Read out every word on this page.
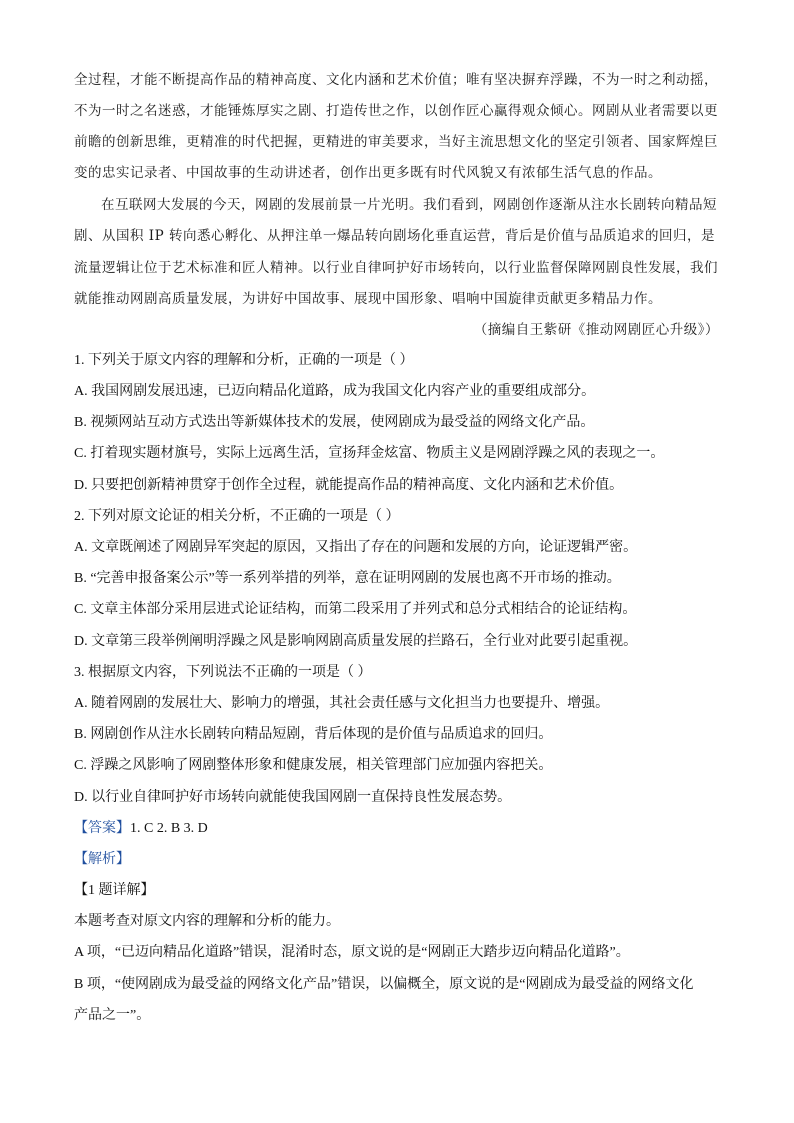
全过程，才能不断提高作品的精神高度、文化内涵和艺术价值；唯有坚决摒弃浮躁，不为一时之利动摇，
不为一时之名迷惑，才能锤炼厚实之剧、打造传世之作，以创作匠心赢得观众倾心。网剧从业者需要以更
前瞻的创新思维，更精准的时代把握，更精进的审美要求，当好主流思想文化的坚定引领者、国家辉煌巨
变的忠实记录者、中国故事的生动讲述者，创作出更多既有时代风貌又有浓郁生活气息的作品。
在互联网大发展的今天，网剧的发展前景一片光明。我们看到，网剧创作逐渐从注水长剧转向精品短
剧、从国积 IP 转向悉心孵化、从押注单一爆品转向剧场化垂直运营，背后是价值与品质追求的回归，是
流量逻辑让位于艺术标准和匠人精神。以行业自律呵护好市场转向，以行业监督保障网剧良性发展，我们
就能推动网剧高质量发展，为讲好中国故事、展现中国形象、唱响中国旋律贡献更多精品力作。
（摘编自王紫研《推动网剧匠心升级》）
1. 下列关于原文内容的理解和分析，正确的一项是（ ）
A. 我国网剧发展迅速，已迈向精品化道路，成为我国文化内容产业的重要组成部分。
B. 视频网站互动方式迭出等新媒体技术的发展，使网剧成为最受益的网络文化产品。
C. 打着现实题材旗号，实际上远离生活，宣扬拜金炫富、物质主义是网剧浮躁之风的表现之一。
D. 只要把创新精神贯穿于创作全过程，就能提高作品的精神高度、文化内涵和艺术价值。
2. 下列对原文论证的相关分析，不正确的一项是（ ）
A. 文章既阐述了网剧异军突起的原因，又指出了存在的问题和发展的方向，论证逻辑严密。
B. “完善申报备案公示”等一系列举措的列举，意在证明网剧的发展也离不开市场的推动。
C. 文章主体部分采用层进式论证结构，而第二段采用了并列式和总分式相结合的论证结构。
D. 文章第三段举例阐明浮躁之风是影响网剧高质量发展的拦路石，全行业对此要引起重视。
3. 根据原文内容，下列说法不正确的一项是（ ）
A. 随着网剧的发展壮大、影响力的增强，其社会责任感与文化担当力也要提升、增强。
B. 网剧创作从注水长剧转向精品短剧，背后体现的是价值与品质追求的回归。
C. 浮躁之风影响了网剧整体形象和健康发展，相关管理部门应加强内容把关。
D. 以行业自律呵护好市场转向就能使我国网剧一直保持良性发展态势。
【答案】1. C 2. B 3. D
【解析】
【1 题详解】
本题考查对原文内容的理解和分析的能力。
A 项，“已迈向精品化道路”错误，混淆时态，原文说的是“网剧正大踏步迈向精品化道路”。
B 项，“使网剧成为最受益的网络文化产品”错误，以偏概全，原文说的是“网剧成为最受益的网络文化
产品之一”。
